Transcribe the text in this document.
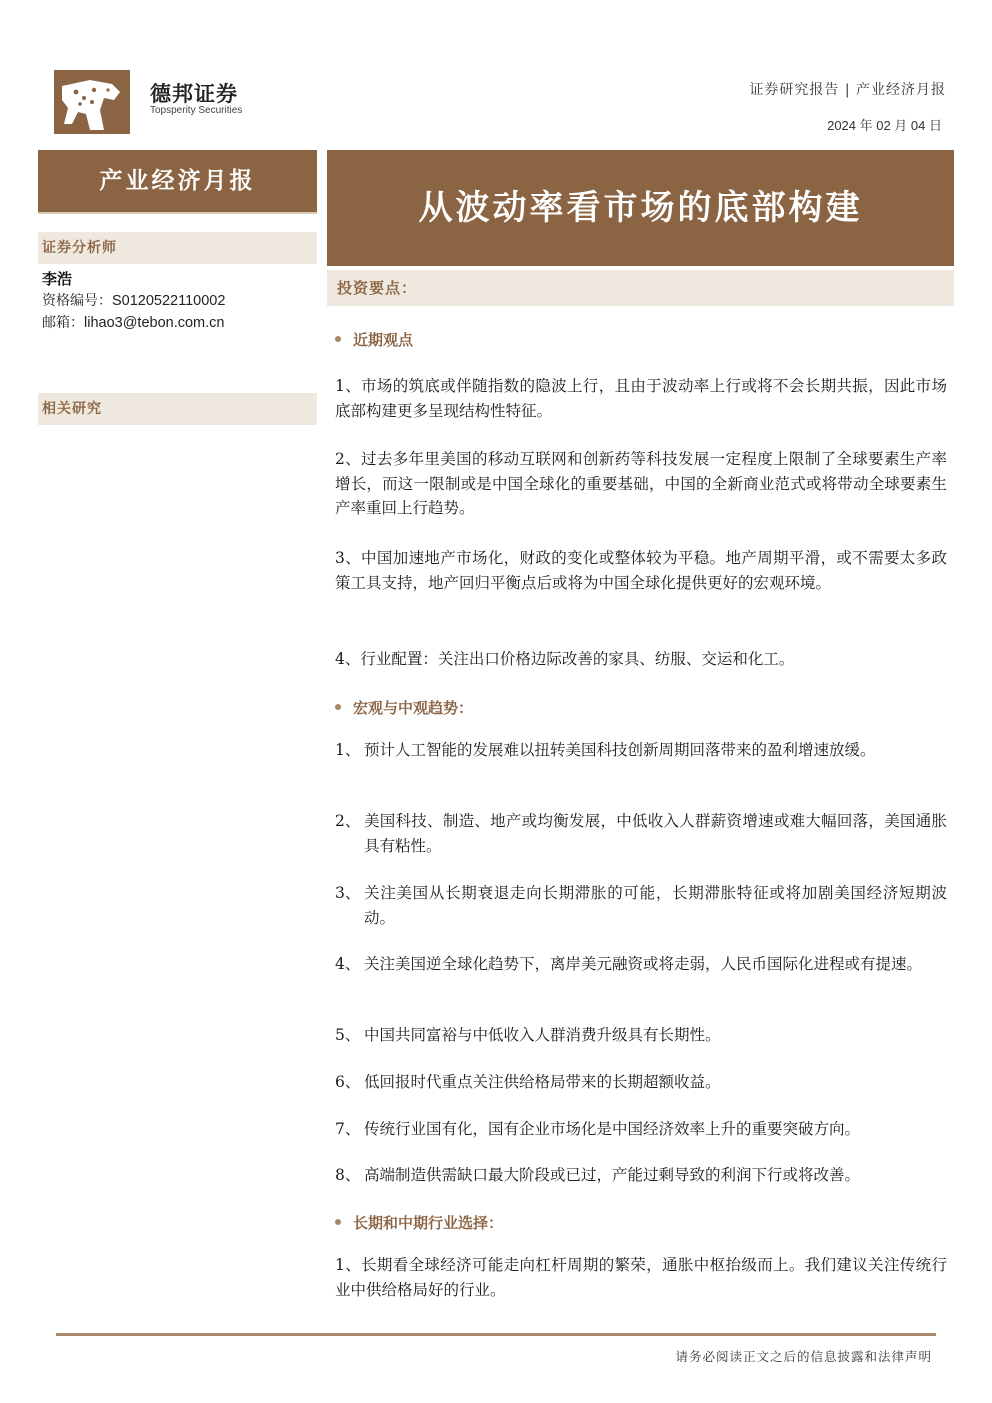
德邦证券
Topsperity Securities
证券研究报告 | 产业经济月报
2024 年 02 月 04 日
产业经济月报
证券分析师
李浩
资格编号：S0120522110002
邮箱：lihao3@tebon.com.cn
相关研究
从波动率看市场的底部构建
投资要点：
近期观点
1、市场的筑底或伴随指数的隐波上行，且由于波动率上行或将不会长期共振，因此市场底部构建更多呈现结构性特征。
2、过去多年里美国的移动互联网和创新药等科技发展一定程度上限制了全球要素生产率增长，而这一限制或是中国全球化的重要基础，中国的全新商业范式或将带动全球要素生产率重回上行趋势。
3、中国加速地产市场化，财政的变化或整体较为平稳。地产周期平滑，或不需要太多政策工具支持，地产回归平衡点后或将为中国全球化提供更好的宏观环境。
4、行业配置：关注出口价格边际改善的家具、纺服、交运和化工。
宏观与中观趋势：
1、 预计人工智能的发展难以扭转美国科技创新周期回落带来的盈利增速放缓。
2、 美国科技、制造、地产或均衡发展，中低收入人群薪资增速或难大幅回落，美国通胀具有粘性。
3、 关注美国从长期衰退走向长期滞胀的可能，长期滞胀特征或将加剧美国经济短期波动。
4、 关注美国逆全球化趋势下，离岸美元融资或将走弱，人民币国际化进程或有提速。
5、 中国共同富裕与中低收入人群消费升级具有长期性。
6、 低回报时代重点关注供给格局带来的长期超额收益。
7、 传统行业国有化，国有企业市场化是中国经济效率上升的重要突破方向。
8、 高端制造供需缺口最大阶段或已过，产能过剩导致的利润下行或将改善。
长期和中期行业选择：
1、长期看全球经济可能走向杠杆周期的繁荣，通胀中枢抬级而上。我们建议关注传统行业中供给格局好的行业。
请务必阅读正文之后的信息披露和法律声明
